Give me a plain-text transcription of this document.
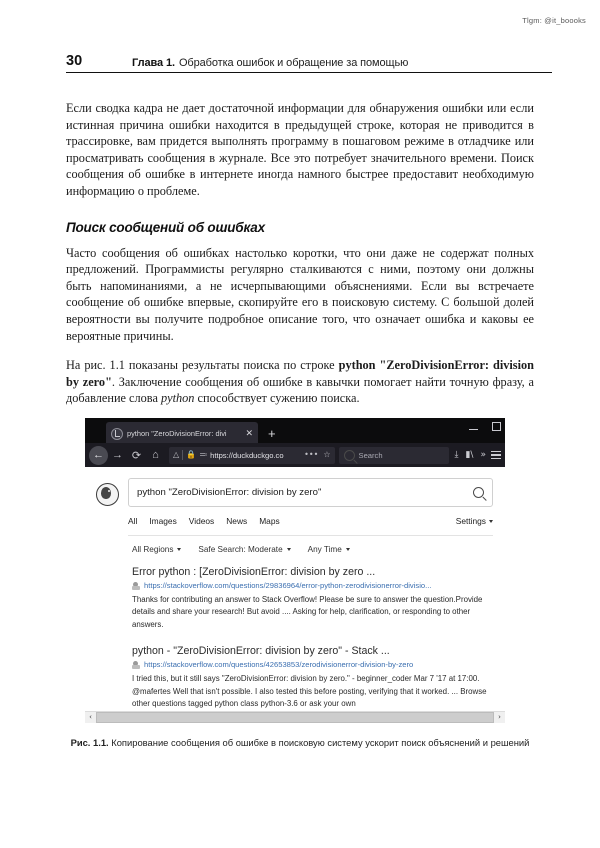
Tlgm: @it_boooks
30	Глава 1. Обработка ошибок и обращение за помощью

Если сводка кадра не дает достаточной информации для обнаружения ошибки или если истинная причина ошибки находится в предыдущей строке, которая не приводится в трассировке, вам придется выполнять программу в пошаговом режиме в отладчике или просматривать сообщения в журнале. Все это потребует значительного времени. Поиск сообщения об ошибке в интернете иногда намного быстрее предоставит необходимую информацию о проблеме.

Поиск сообщений об ошибках

Часто сообщения об ошибках настолько коротки, что они даже не содержат полных предложений. Программисты регулярно сталкиваются с ними, поэтому они должны быть напоминаниями, а не исчерпывающими объяснениями. Если вы встречаете сообщение об ошибке впервые, скопируйте его в поисковую систему. С большой долей вероятности вы получите подробное описание того, что означает ошибка и каковы ее вероятные причины.

На рис. 1.1 показаны результаты поиска по строке python "ZeroDivisionError: division by zero". Заключение сообщения об ошибке в кавычки помогает найти точную фразу, а добавление слова python способствует сужению поиска.

python "ZeroDivisionError: divi	✕ +
← → ⟳	⌂	△ 🔒 ≕ https://duckduckgo.co	••• ☆	Search	⤓ ▮\ »
python "ZeroDivisionError: division by zero"
All Images Videos News Maps	Settings
All Regions	Safe Search: Moderate	Any Time
Error python : [ZeroDivisionError: division by zero ...
https://stackoverflow.com/questions/29836964/error-python-zerodivisionerror-divisio...
Thanks for contributing an answer to Stack Overflow! Please be sure to answer the question.Provide details and share your research! But avoid .... Asking for help, clarification, or responding to other answers.
python - "ZeroDivisionError: division by zero" - Stack ...
https://stackoverflow.com/questions/42653853/zerodivisionerror-division-by-zero
I tried this, but it still says "ZeroDivisionError: division by zero." - beginner_coder Mar 7 '17 at 17:00. @mafertes Well that isn't possible. I also tested this before posting, verifying that it worked. ... Browse other questions tagged python class python-3.6 or ask your own
‹	›
Рис. 1.1. Копирование сообщения об ошибке в поисковую систему ускорит поиск объяснений и решений
